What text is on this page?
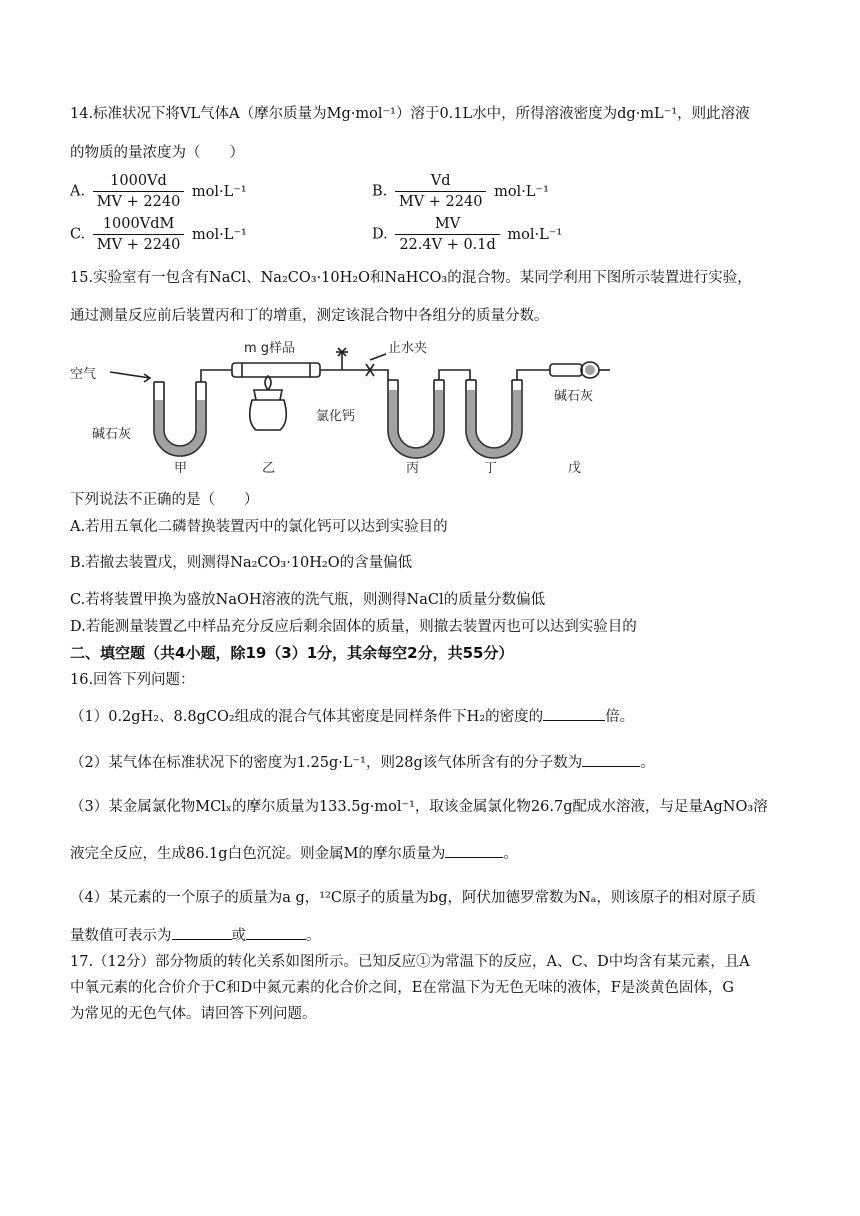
14.标准状况下将VL气体A（摩尔质量为Mg·mol⁻¹）溶于0.1L水中，所得溶液密度为dg·mL⁻¹，则此溶液
的物质的量浓度为（　　）
A. $\frac{1000Vd}{MV + 2240} mol\cdot L^{-1}$	B. $\frac{Vd}{MV + 2240} mol\cdot L^{-1}$
C. $\frac{\text{1000VdM}}{MV + 2240} mol\cdot L^{-1}$	D. $\frac{MV}{22.4V + 0.1d} mol\cdot L^{-1}$
15.实验室有一包含有NaCl、Na₂CO₃·10H₂O和NaHCO₃的混合物。某同学利用下图所示装置进行实验，
通过测量反应前后装置丙和丁的增重，测定该混合物中各组分的质量分数。
空气
m g样品	止水夹
碱石灰
氯化钙
碱石灰
甲	乙	丙	丁	戊
下列说法不正确的是（　　）
A.若用五氧化二磷替换装置丙中的氯化钙可以达到实验目的
B.若撤去装置戊，则测得Na₂CO₃·10H₂O的含量偏低
C.若将装置甲换为盛放NaOH溶液的洗气瓶，则测得NaCl的质量分数偏低
D.若能测量装置乙中样品充分反应后剩余固体的质量，则撤去装置丙也可以达到实验目的
二、填空题（共4小题，除19（3）1分，其余每空2分，共55分）
16.回答下列问题：
（1）0.2gH₂、8.8gCO₂组成的混合气体其密度是同样条件下H₂的密度的	倍。
（2）某气体在标准状况下的密度为1.25g·L⁻¹，则28g该气体所含有的分子数为	。
（3）某金属氯化物MClₓ的摩尔质量为133.5g·mol⁻¹，取该金属氯化物26.7g配成水溶液，与足量AgNO₃溶
液完全反应，生成86.1g白色沉淀。则金属M的摩尔质量为	。
（4）某元素的一个原子的质量为a g，¹²C原子的质量为bg，阿伏加德罗常数为Nₐ，则该原子的相对原子质
量数值可表示为	或	。
17.（12分）部分物质的转化关系如图所示。已知反应①为常温下的反应，A、C、D中均含有某元素，且A
中氧元素的化合价介于C和D中氮元素的化合价之间，E在常温下为无色无味的液体，F是淡黄色固体，G
为常见的无色气体。请回答下列问题。
